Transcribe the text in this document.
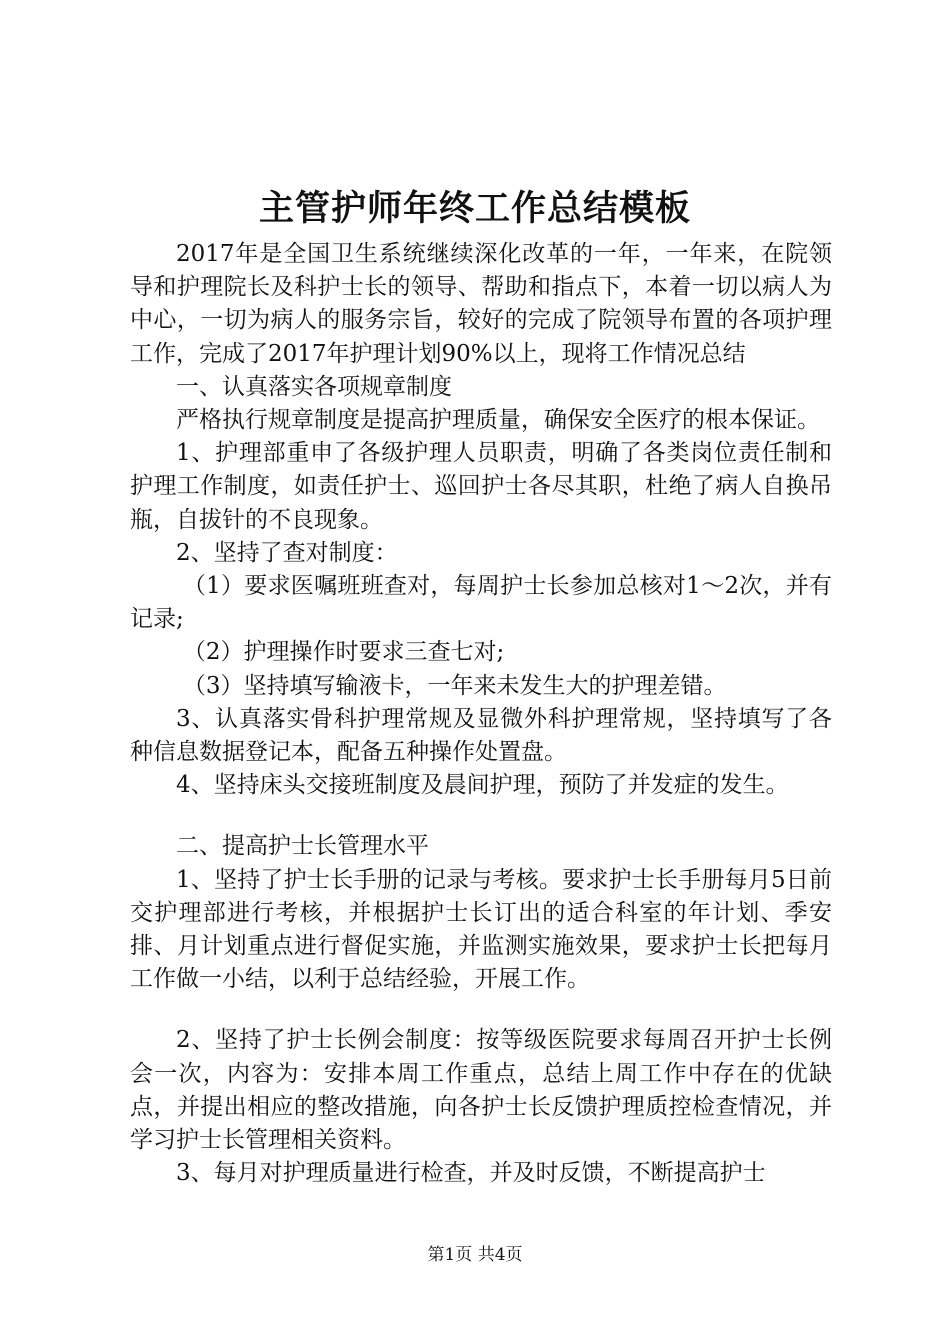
主管护师年终工作总结模板

2017年是全国卫生系统继续深化改革的一年，一年来，在院领导和护理院长及科护士长的领导、帮助和指点下，本着一切以病人为中心，一切为病人的服务宗旨，较好的完成了院领导布置的各项护理工作，完成了2017年护理计划90%以上，现将工作情况总结

一、认真落实各项规章制度

严格执行规章制度是提高护理质量，确保安全医疗的根本保证。

1、护理部重申了各级护理人员职责，明确了各类岗位责任制和护理工作制度，如责任护士、巡回护士各尽其职，杜绝了病人自换吊瓶，自拔针的不良现象。

2、坚持了查对制度：

（1）要求医嘱班班查对，每周护士长参加总核对1～2次，并有记录;

（2）护理操作时要求三查七对;

（3）坚持填写输液卡，一年来未发生大的护理差错。

3、认真落实骨科护理常规及显微外科护理常规，坚持填写了各种信息数据登记本，配备五种操作处置盘。

4、坚持床头交接班制度及晨间护理，预防了并发症的发生。

二、提高护士长管理水平

1、坚持了护士长手册的记录与考核。要求护士长手册每月5日前交护理部进行考核，并根据护士长订出的适合科室的年计划、季安排、月计划重点进行督促实施，并监测实施效果，要求护士长把每月工作做一小结，以利于总结经验，开展工作。

2、坚持了护士长例会制度：按等级医院要求每周召开护士长例会一次，内容为：安排本周工作重点，总结上周工作中存在的优缺点，并提出相应的整改措施，向各护士长反馈护理质控检查情况，并学习护士长管理相关资料。

3、每月对护理质量进行检查，并及时反馈，不断提高护士

第1页 共4页
